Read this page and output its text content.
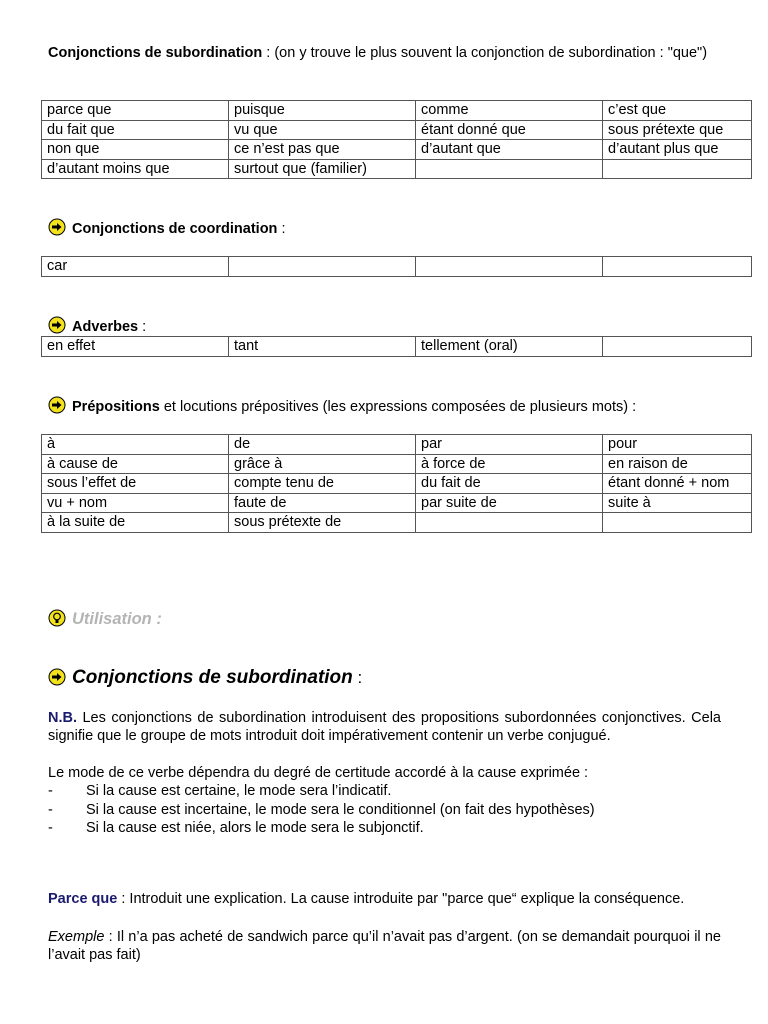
Conjonctions de subordination : (on y trouve le plus souvent la conjonction de subordination : "que")
parce que	puisque	comme	c’est que
du fait que	vu que	étant donné que	sous prétexte que
non que	ce n’est pas que	d’autant que	d’autant plus que
d’autant moins que	surtout que (familier)		
Conjonctions de coordination :
car			
Adverbes :
en effet	tant	tellement (oral)	
Prépositions et locutions prépositives (les expressions composées de plusieurs mots) :
à	de	par	pour
à cause de	grâce à	à force de	en raison de
sous l’effet de	compte tenu de	du fait de	étant donné + nom
vu + nom	faute de	par suite de	suite à
à la suite de	sous prétexte de		
Utilisation :
Conjonctions de subordination :
N.B. Les conjonctions de subordination introduisent des propositions subordonnées conjonctives. Cela signifie que le groupe de mots introduit doit impérativement contenir un verbe conjugué.
Le mode de ce verbe dépendra du degré de certitude accordé à la cause exprimée :
-	Si la cause est certaine, le mode sera l’indicatif.
-	Si la cause est incertaine, le mode sera le conditionnel (on fait des hypothèses)
-	Si la cause est niée, alors le mode sera le subjonctif.
Parce que : Introduit une explication. La cause introduite par "parce que“ explique la conséquence.
Exemple : Il n’a pas acheté de sandwich parce qu’il n’avait pas d’argent. (on se demandait pourquoi il ne l’avait pas fait)
